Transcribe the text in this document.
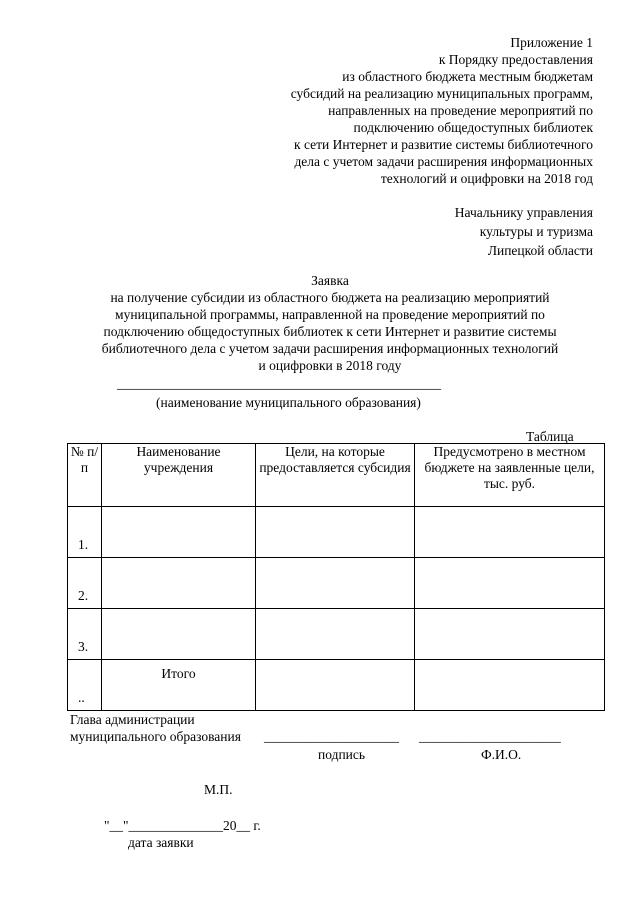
Приложение 1
к Порядку предоставления
из областного бюджета местным бюджетам
субсидий на реализацию муниципальных программ,
направленных на проведение мероприятий по
подключению общедоступных библиотек
к сети Интернет и развитие системы библиотечного
дела с учетом задачи расширения информационных
технологий и оцифровки на 2018 год
Начальнику управления
культуры и туризма
Липецкой области
Заявка
на получение субсидии из областного бюджета на реализацию мероприятий
муниципальной программы, направленной на проведение мероприятий по
подключению общедоступных библиотек к сети Интернет и развитие системы
библиотечного дела с учетом задачи расширения информационных технологий
и оцифровки в 2018 году
________________________________________________
(наименование муниципального образования)
Таблица
№ п/п	Наименование учреждения	Цели, на которые предоставляется субсидия	Предусмотрено в местном бюджете на заявленные цели, тыс. руб.
1.			
2.			
3.			
..	Итого		
Глава администрации
муниципального образования ____________________ _____________________
подпись	Ф.И.О.
М.П.
"__"______________20__ г.
дата заявки
